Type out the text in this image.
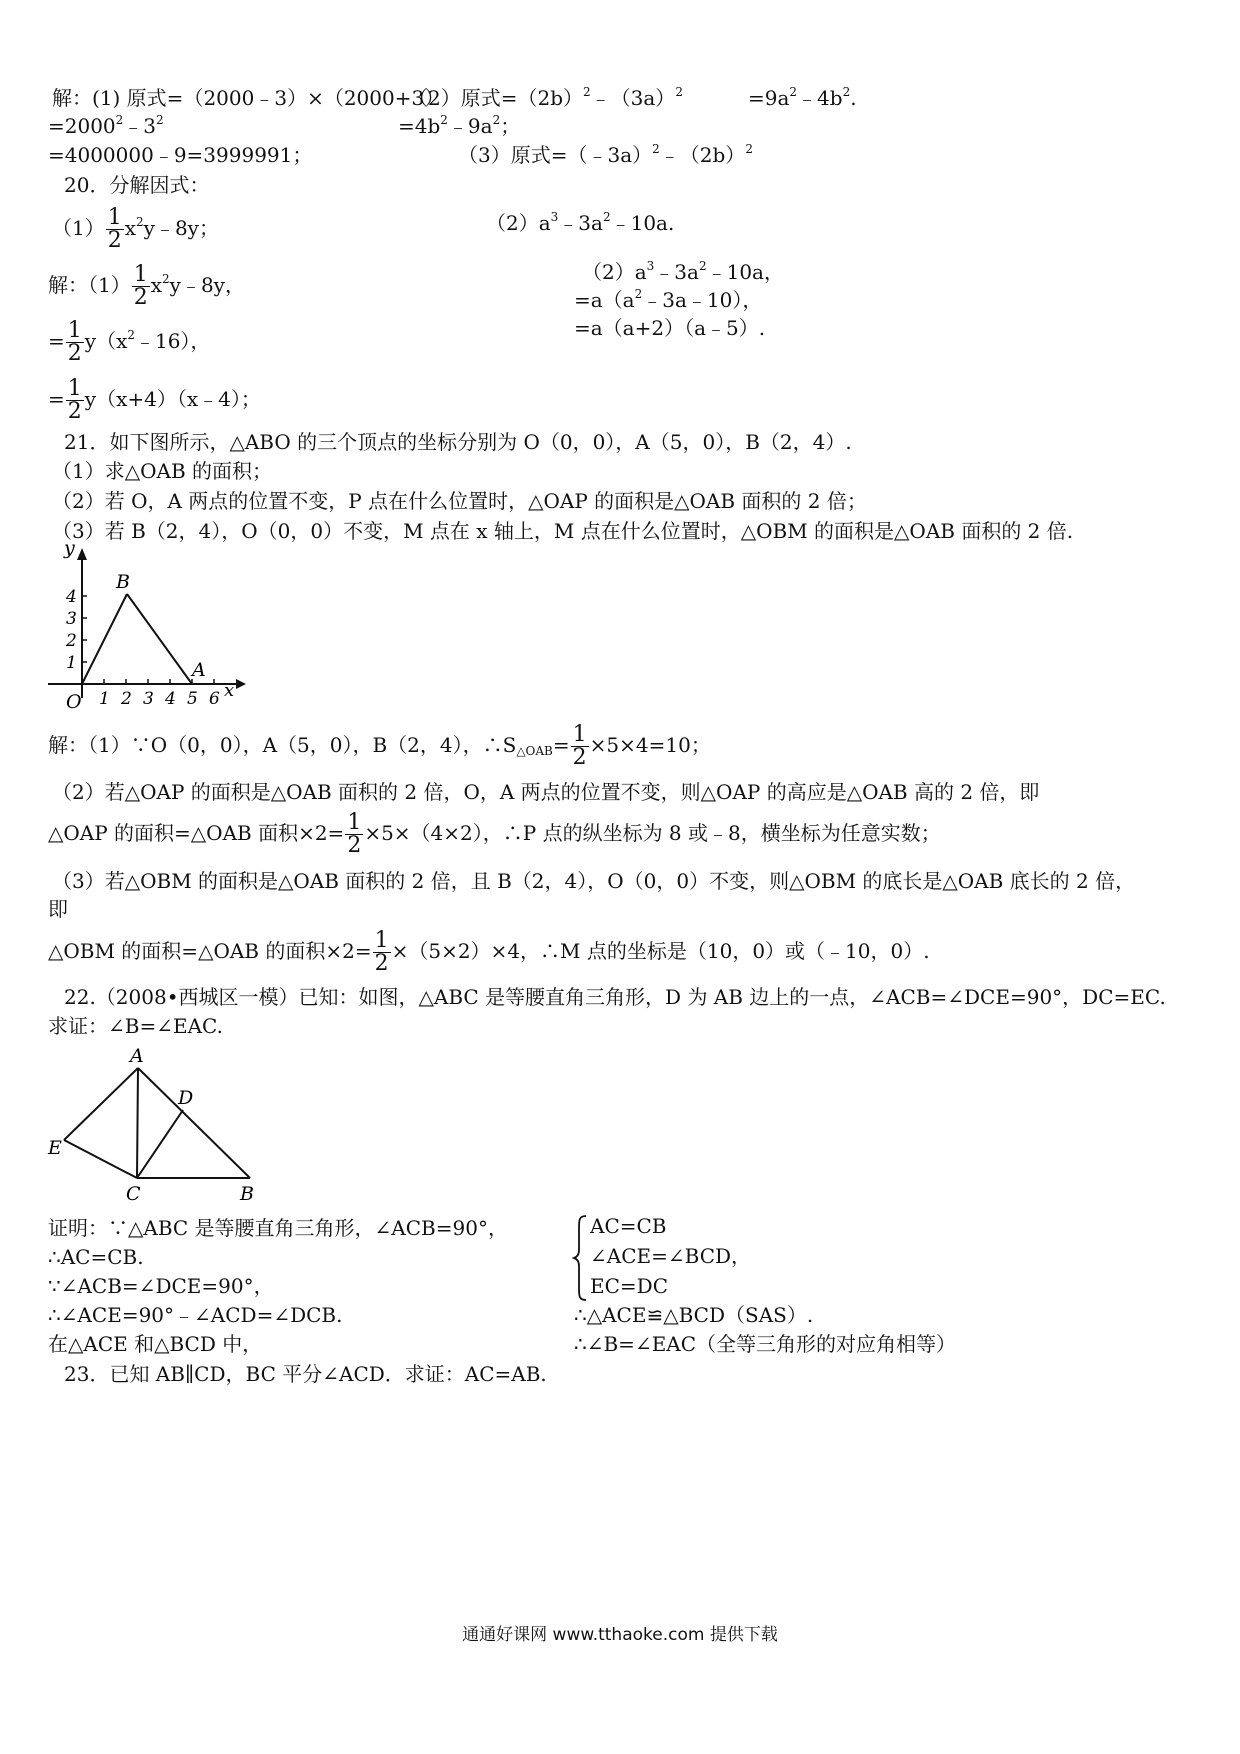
解：(1) 原式=（2000﹣3）×（2000+3）
（2）原式$=(2b)^2﹣(3a)^2$	$=9a^2﹣4b^2$.
$=2000^2﹣3^2$	$=4b^2﹣9a^2$；
=4000000﹣9=3999991；	（3）原式$=(﹣3a)^2﹣(2b)^2$
20．分解因式：
$(1) \frac{1}{2}$ $x^2y﹣8y$；	$(2)a^3﹣3a^2﹣10a$.
解：$(1) \frac{1}{2}$ $x^2y﹣8y$，
= $\frac{1}{2}$ $y(x^2﹣16)$，
= $\frac{1}{2}$ y（x+4）（x﹣4）；
$(2)a^3﹣3a^2﹣10a$，
$=a(a^2﹣3a﹣10)$，
=a（a+2）（a﹣5）.
21．如下图所示，△ABO 的三个顶点的坐标分别为 O（0，0），A（5，0），B（2，4）.
（1）求△OAB 的面积；
（2）若 O，A 两点的位置不变，P 点在什么位置时，△OAP 的面积是△OAB 面积的 2 倍；
（3）若 B（2，4），O（0，0）不变，M 点在 x 轴上，M 点在什么位置时，△OBM 的面积是△OAB 面积的 2 倍.
1 2 3 4 5 6
1
2
3
4
y
x
O
B
A
解：（1）∵O（0，0），A（5，0），B（2，4），$\therefore S_{\triangle OAB}= \frac{1}{2} \times 5\times 4=10$；
（2）若△OAP 的面积是△OAB 面积的 2 倍，O，A 两点的位置不变，则△OAP 的高应是△OAB 高的 2 倍，即
△OAP 的面积=△OAB 面积$\times 2= \frac{1}{2} \times 5\times(4\times 2)$，∴P 点的纵坐标为 8 或﹣8，横坐标为任意实数；
（3）若△OBM 的面积是△OAB 面积的 2 倍，且 B（2，4），O（0，0）不变，则△OBM 的底长是△OAB 底长的 2 倍，
即
△OBM 的面积=△OAB 的面积$\times 2= \frac{1}{2} \times(5\times 2)\times 4$，∴M 点的坐标是（10，0）或（﹣10，0）.
22.（2008•西城区一模）已知：如图，△ABC 是等腰直角三角形，D 为 AB 边上的一点，∠ACB=∠DCE=90°，DC=EC.
求证：∠B=∠EAC.
A
D
E
C	B
证明：∵△ABC 是等腰直角三角形，∠ACB=90°，
∴AC=CB.
∵∠ACB=∠DCE=90°，
∴∠ACE=90°﹣∠ACD=∠DCB.
在△ACE 和△BCD 中，
AC=CB
∠ACE=∠BCD，
EC=DC
∴△ACE≌△BCD（SAS）.
∴∠B=∠EAC（全等三角形的对应角相等）
23．已知 AB∥CD，BC 平分∠ACD．求证：AC=AB.
通通好课网 www.tthaoke.com 提供下载
